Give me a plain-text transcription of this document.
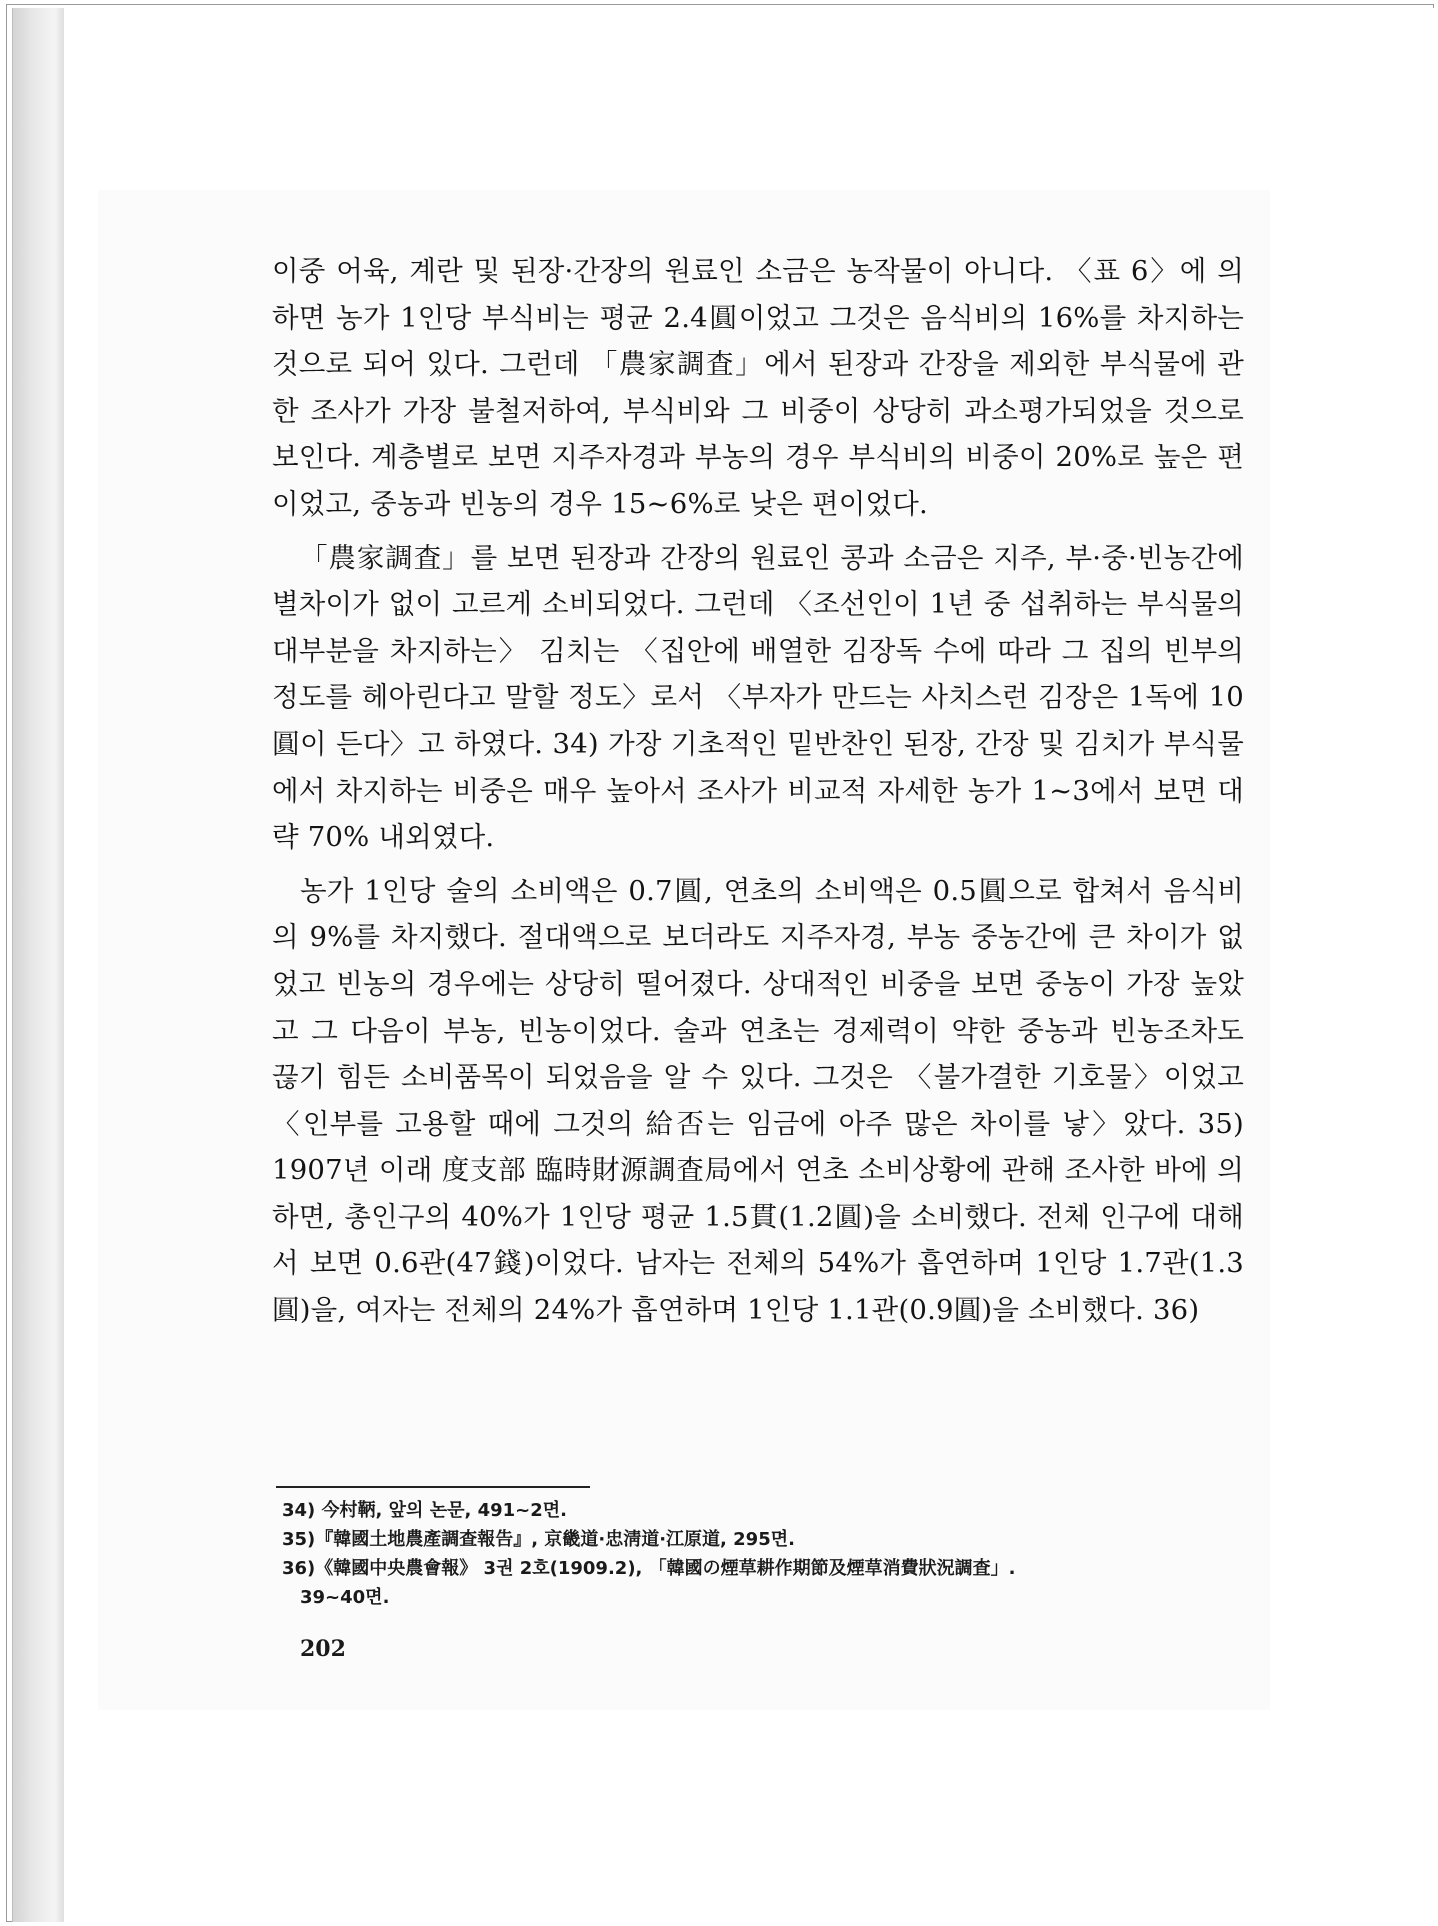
이중 어육, 계란 및 된장·간장의 원료인 소금은 농작물이 아니다. 〈표 6〉에 의하면 농가 1인당 부식비는 평균 2.4圓이었고 그것은 음식비의 16%를 차지하는 것으로 되어 있다. 그런데 「農家調査」에서 된장과 간장을 제외한 부식물에 관한 조사가 가장 불철저하여, 부식비와 그 비중이 상당히 과소평가되었을 것으로 보인다. 계층별로 보면 지주자경과 부농의 경우 부식비의 비중이 20%로 높은 편이었고, 중농과 빈농의 경우 15~6%로 낮은 편이었다.

「農家調査」를 보면 된장과 간장의 원료인 콩과 소금은 지주, 부·중·빈농간에 별차이가 없이 고르게 소비되었다. 그런데 〈조선인이 1년 중 섭취하는 부식물의 대부분을 차지하는〉 김치는 〈집안에 배열한 김장독 수에 따라 그 집의 빈부의 정도를 헤아린다고 말할 정도〉로서 〈부자가 만드는 사치스런 김장은 1독에 10圓이 든다〉고 하였다. 34) 가장 기초적인 밑반찬인 된장, 간장 및 김치가 부식물에서 차지하는 비중은 매우 높아서 조사가 비교적 자세한 농가 1~3에서 보면 대략 70% 내외였다.

농가 1인당 술의 소비액은 0.7圓, 연초의 소비액은 0.5圓으로 합쳐서 음식비의 9%를 차지했다. 절대액으로 보더라도 지주자경, 부농 중농간에 큰 차이가 없었고 빈농의 경우에는 상당히 떨어졌다. 상대적인 비중을 보면 중농이 가장 높았고 그 다음이 부농, 빈농이었다. 술과 연초는 경제력이 약한 중농과 빈농조차도 끊기 힘든 소비품목이 되었음을 알 수 있다. 그것은 〈불가결한 기호물〉이었고 〈인부를 고용할 때에 그것의 給否는 임금에 아주 많은 차이를 낳〉았다. 35) 1907년 이래 度支部 臨時財源調査局에서 연초 소비상황에 관해 조사한 바에 의하면, 총인구의 40%가 1인당 평균 1.5貫(1.2圓)을 소비했다. 전체 인구에 대해서 보면 0.6관(47錢)이었다. 남자는 전체의 54%가 흡연하며 1인당 1.7관(1.3圓)을, 여자는 전체의 24%가 흡연하며 1인당 1.1관(0.9圓)을 소비했다. 36)

34) 今村鞆, 앞의 논문, 491~2면.

35)『韓國土地農產調查報告』, 京畿道·忠淸道·江原道, 295면.

36)《韓國中央農會報》 3권 2호(1909.2), 「韓國の煙草耕作期節及煙草消費狀況調査」.
39~40면.

202
